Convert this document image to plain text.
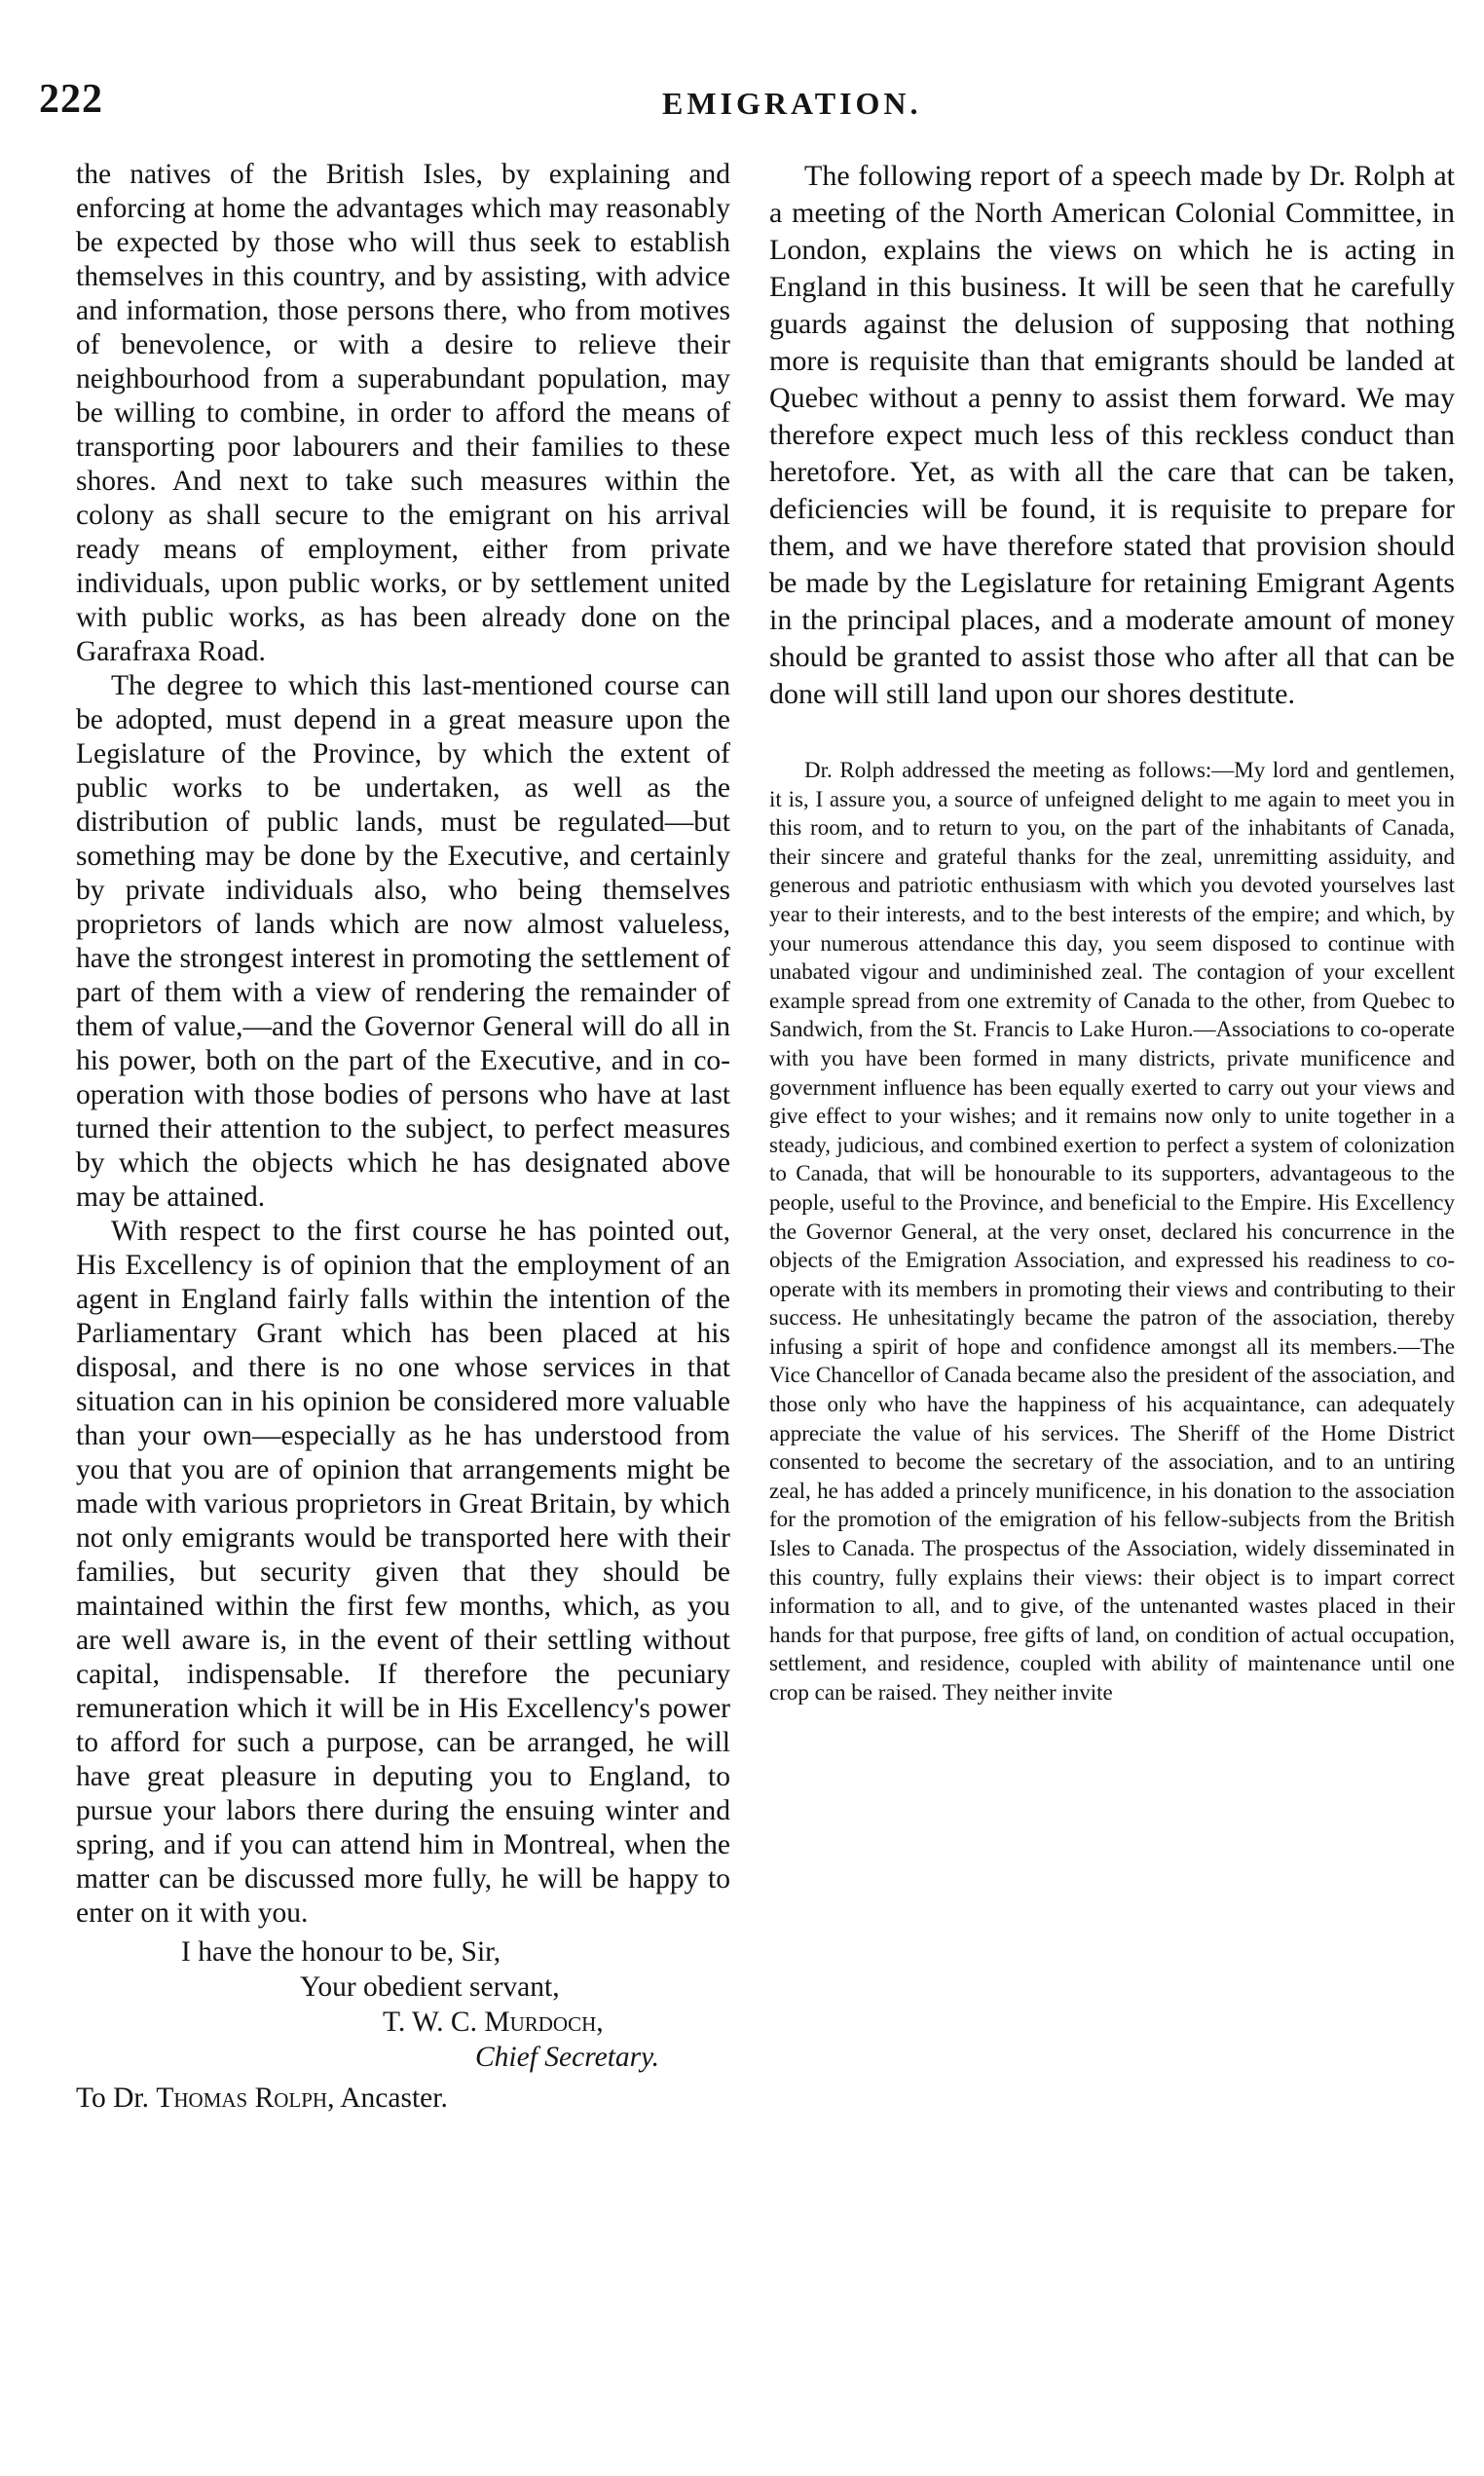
222	EMIGRATION.

the natives of the British Isles, by explaining and enforcing at home the advantages which may reasonably be expected by those who will thus seek to establish themselves in this country, and by assisting, with advice and information, those persons there, who from motives of benevolence, or with a desire to relieve their neighbourhood from a superabundant population, may be willing to combine, in order to afford the means of transporting poor labourers and their families to these shores. And next to take such measures within the colony as shall secure to the emigrant on his arrival ready means of employment, either from private individuals, upon public works, or by settlement united with public works, as has been already done on the Garafraxa Road.

The degree to which this last-mentioned course can be adopted, must depend in a great measure upon the Legislature of the Province, by which the extent of public works to be undertaken, as well as the distribution of public lands, must be regulated—but something may be done by the Executive, and certainly by private individuals also, who being themselves proprietors of lands which are now almost valueless, have the strongest interest in promoting the settlement of part of them with a view of rendering the remainder of them of value,—and the Governor General will do all in his power, both on the part of the Executive, and in co-operation with those bodies of persons who have at last turned their attention to the subject, to perfect measures by which the objects which he has designated above may be attained.

With respect to the first course he has pointed out, His Excellency is of opinion that the employment of an agent in England fairly falls within the intention of the Parliamentary Grant which has been placed at his disposal, and there is no one whose services in that situation can in his opinion be considered more valuable than your own—especially as he has understood from you that you are of opinion that arrangements might be made with various proprietors in Great Britain, by which not only emigrants would be transported here with their families, but security given that they should be maintained within the first few months, which, as you are well aware is, in the event of their settling without capital, indispensable. If therefore the pecuniary remuneration which it will be in His Excellency's power to afford for such a purpose, can be arranged, he will have great pleasure in deputing you to England, to pursue your labors there during the ensuing winter and spring, and if you can attend him in Montreal, when the matter can be discussed more fully, he will be happy to enter on it with you.

I have the honour to be, Sir,
Your obedient servant,
T. W. C. Murdoch,
Chief Secretary.
To Dr. Thomas Rolph, Ancaster.

The following report of a speech made by Dr. Rolph at a meeting of the North American Colonial Committee, in London, explains the views on which he is acting in England in this business. It will be seen that he carefully guards against the delusion of supposing that nothing more is requisite than that emigrants should be landed at Quebec without a penny to assist them forward. We may therefore expect much less of this reckless conduct than heretofore. Yet, as with all the care that can be taken, deficiencies will be found, it is requisite to prepare for them, and we have therefore stated that provision should be made by the Legislature for retaining Emigrant Agents in the principal places, and a moderate amount of money should be granted to assist those who after all that can be done will still land upon our shores destitute.

Dr. Rolph addressed the meeting as follows:—My lord and gentlemen, it is, I assure you, a source of unfeigned delight to me again to meet you in this room, and to return to you, on the part of the inhabitants of Canada, their sincere and grateful thanks for the zeal, unremitting assiduity, and generous and patriotic enthusiasm with which you devoted yourselves last year to their interests, and to the best interests of the empire; and which, by your numerous attendance this day, you seem disposed to continue with unabated vigour and undiminished zeal. The contagion of your excellent example spread from one extremity of Canada to the other, from Quebec to Sandwich, from the St. Francis to Lake Huron.—Associations to co-operate with you have been formed in many districts, private munificence and government influence has been equally exerted to carry out your views and give effect to your wishes; and it remains now only to unite together in a steady, judicious, and combined exertion to perfect a system of colonization to Canada, that will be honourable to its supporters, advantageous to the people, useful to the Province, and beneficial to the Empire. His Excellency the Governor General, at the very onset, declared his concurrence in the objects of the Emigration Association, and expressed his readiness to co-operate with its members in promoting their views and contributing to their success. He unhesitatingly became the patron of the association, thereby infusing a spirit of hope and confidence amongst all its members.—The Vice Chancellor of Canada became also the president of the association, and those only who have the happiness of his acquaintance, can adequately appreciate the value of his services. The Sheriff of the Home District consented to become the secretary of the association, and to an untiring zeal, he has added a princely munificence, in his donation to the association for the promotion of the emigration of his fellow-subjects from the British Isles to Canada. The prospectus of the Association, widely disseminated in this country, fully explains their views: their object is to impart correct information to all, and to give, of the untenanted wastes placed in their hands for that purpose, free gifts of land, on condition of actual occupation, settlement, and residence, coupled with ability of maintenance until one crop can be raised. They neither invite
